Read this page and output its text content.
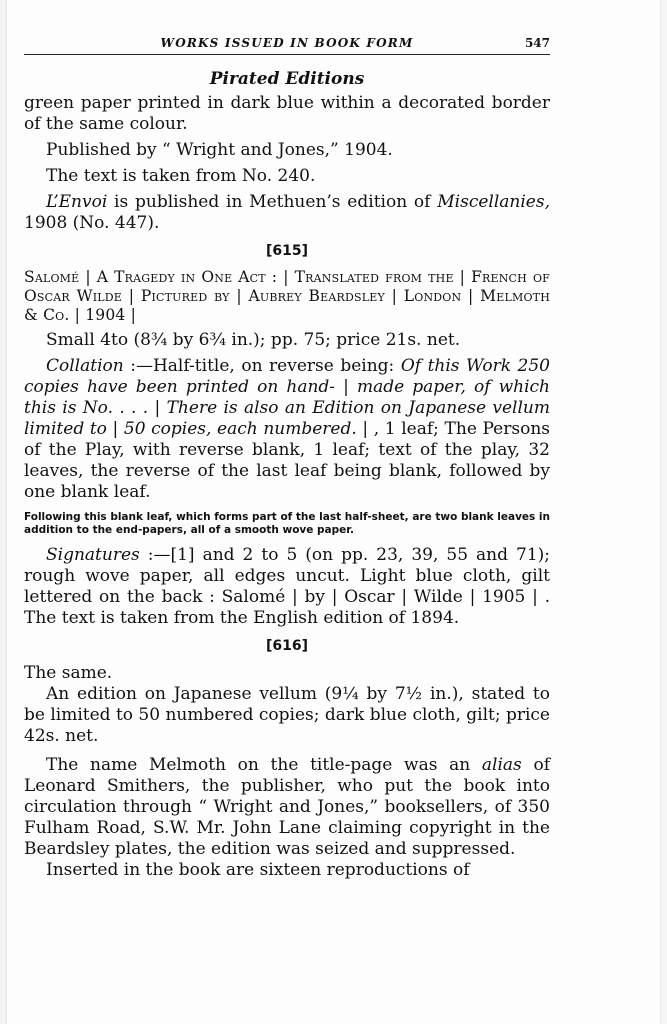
WORKS ISSUED IN BOOK FORM	547
Pirated Editions

green paper printed in dark blue within a decorated border of the same colour.

Published by “ Wright and Jones,” 1904.

The text is taken from No. 240.

L’Envoi is published in Methuen’s edition of Miscellanies, 1908 (No. 447).

[615]

Salomé | A Tragedy in One Act : | Translated from the | French of Oscar Wilde | Pictured by | Aubrey Beardsley | London | Melmoth & Co. | 1904 |

Small 4to (8¾ by 6¾ in.); pp. 75; price 21s. net.

Collation :—Half-title, on reverse being: Of this Work 250 copies have been printed on hand- | made paper, of which this is No. . . . | There is also an Edition on Japanese vellum limited to | 50 copies, each numbered. | , 1 leaf; The Persons of the Play, with reverse blank, 1 leaf; text of the play, 32 leaves, the reverse of the last leaf being blank, followed by one blank leaf.

Following this blank leaf, which forms part of the last half-sheet, are two blank leaves in addition to the end-papers, all of a smooth wove paper.

Signatures :—[1] and 2 to 5 (on pp. 23, 39, 55 and 71); rough wove paper, all edges uncut. Light blue cloth, gilt lettered on the back : Salomé | by | Oscar | Wilde | 1905 | . The text is taken from the English edition of 1894.

[616]

The same.

An edition on Japanese vellum (9¼ by 7½ in.), stated to be limited to 50 numbered copies; dark blue cloth, gilt; price 42s. net.

The name Melmoth on the title-page was an alias of Leonard Smithers, the publisher, who put the book into circulation through “ Wright and Jones,” booksellers, of 350 Fulham Road, S.W. Mr. John Lane claiming copyright in the Beardsley plates, the edition was seized and suppressed.

Inserted in the book are sixteen reproductions of
